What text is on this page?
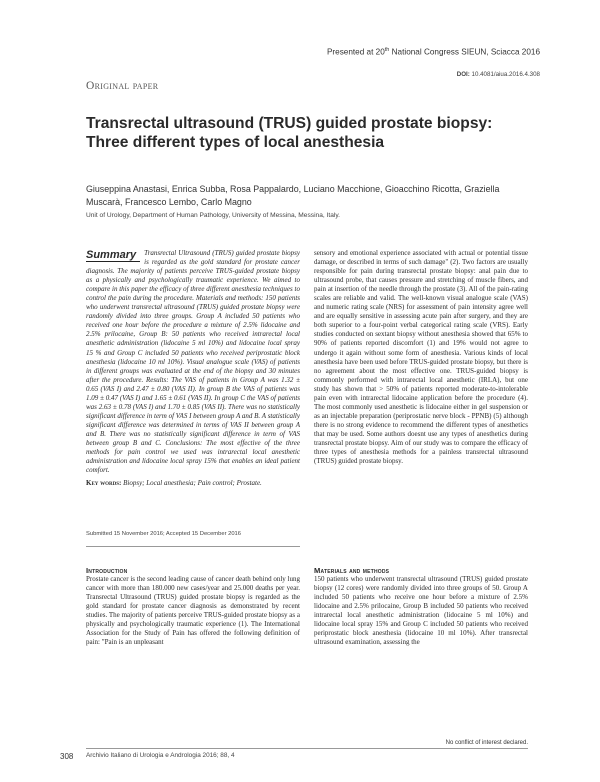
Presented at 20th National Congress SIEUN, Sciacca 2016
DOI: 10.4081/aiua.2016.4.308
Original paper
Transrectal ultrasound (TRUS) guided prostate biopsy: Three different types of local anesthesia
Giuseppina Anastasi, Enrica Subba, Rosa Pappalardo, Luciano Macchione, Gioacchino Ricotta, Graziella Muscarà, Francesco Lembo, Carlo Magno
Unit of Urology, Department of Human Pathology, University of Messina, Messina, Italy.
Summary	Transrectal Ultrasound (TRUS) guided prostate biopsy is regarded as the gold standard for prostate cancer diagnosis. The majority of patients perceive TRUS-guided prostate biopsy as a physically and psychologically traumatic experience. We aimed to compare in this paper the efficacy of three different anesthesia techniques to control the pain during the procedure. Materials and methods: 150 patients who underwent transrectal ultrasound (TRUS) guided prostate biopsy were randomly divided into three groups. Group A included 50 patients who received one hour before the procedure a mixture of 2.5% lidocaine and 2.5% prilocaine, Group B: 50 patients who received intrarectal local anesthetic administration (lidocaine 5 ml 10%) and lidocaine local spray 15 % and Group C included 50 patients who received periprostatic block anesthesia (lidocaine 10 ml 10%). Visual analogue scale (VAS) of patients in different groups was evaluated at the end of the biopsy and 30 minutes after the procedure. Results: The VAS of patients in Group A was 1.32 ± 0.65 (VAS I) and 2.47 ± 0.80 (VAS II). In group B the VAS of patients was 1.09 ± 0.47 (VAS I) and 1.65 ± 0.61 (VAS II). In group C the VAS of patients was 2.63 ± 0.78 (VAS I) and 1.70 ± 0.85 (VAS II). There was no statistically significant difference in term of VAS I between group A and B. A statistically significant difference was determined in terms of VAS II between group A and B. There was no statistically significant difference in term of VAS between group B and C. Conclusions: The most effective of the three methods for pain control we used was intrarectal local anesthetic administration and lidocaine local spray 15% that enables an ideal patient comfort.
Key words: Biopsy; Local anesthesia; Pain control; Prostate.
Submitted 15 November 2016; Accepted 15 December 2016
sensory and emotional experience associated with actual or potential tissue damage, or described in terms of such damage" (2). Two factors are usually responsible for pain during transrectal prostate biopsy: anal pain due to ultrasound probe, that causes pressure and stretching of muscle fibers, and pain at insertion of the needle through the prostate (3). All of the pain-rating scales are reliable and valid. The well-known visual analogue scale (VAS) and numeric rating scale (NRS) for assessment of pain intensity agree well and are equally sensitive in assessing acute pain after surgery, and they are both superior to a four-point verbal categorical rating scale (VRS). Early studies conducted on sextant biopsy without anesthesia showed that 65% to 90% of patients reported discomfort (1) and 19% would not agree to undergo it again without some form of anesthesia. Various kinds of local anesthesia have been used before TRUS-guided prostate biopsy, but there is no agreement about the most effective one. TRUS-guided biopsy is commonly performed with intrarectal local anesthetic (IRLA), but one study has shown that > 50% of patients reported moderate-to-intolerable pain even with intrarectal lidocaine application before the procedure (4). The most commonly used anesthetic is lidocaine either in gel suspension or as an injectable preparation (periprostatic nerve block - PPNB) (5) although there is no strong evidence to recommend the different types of anesthetics that may be used. Some authors doesnt use any types of anesthetics during transrectal prostate biopsy. Aim of our study was to compare the efficacy of three types of anesthesia methods for a painless transrectal ultrasound (TRUS) guided prostate biopsy.
Introduction
Prostate cancer is the second leading cause of cancer death behind only lung cancer with more than 180.000 new cases/year and 25.000 deaths per year. Transrectal Ultrasound (TRUS) guided prostate biopsy is regarded as the gold standard for prostate cancer diagnosis as demonstrated by recent studies. The majority of patients perceive TRUS-guided prostate biopsy as a physically and psychologically traumatic experience (1). The International Association for the Study of Pain has offered the following definition of pain: "Pain is an unpleasant
Materials and methods
150 patients who underwent transrectal ultrasound (TRUS) guided prostate biopsy (12 cores) were randomly divided into three groups of 50. Group A included 50 patients who receive one hour before a mixture of 2.5% lidocaine and 2.5% prilocaine, Group B included 50 patients who received intrarectal local anesthetic administration (lidocaine 5 ml 10%) and lidocaine local spray 15% and Group C included 50 patients who received periprostatic block anesthesia (lidocaine 10 ml 10%). After transrectal ultrasound examination, assessing the
No conflict of interest declared.
308 Archivio Italiano di Urologia e Andrologia 2016; 88, 4
